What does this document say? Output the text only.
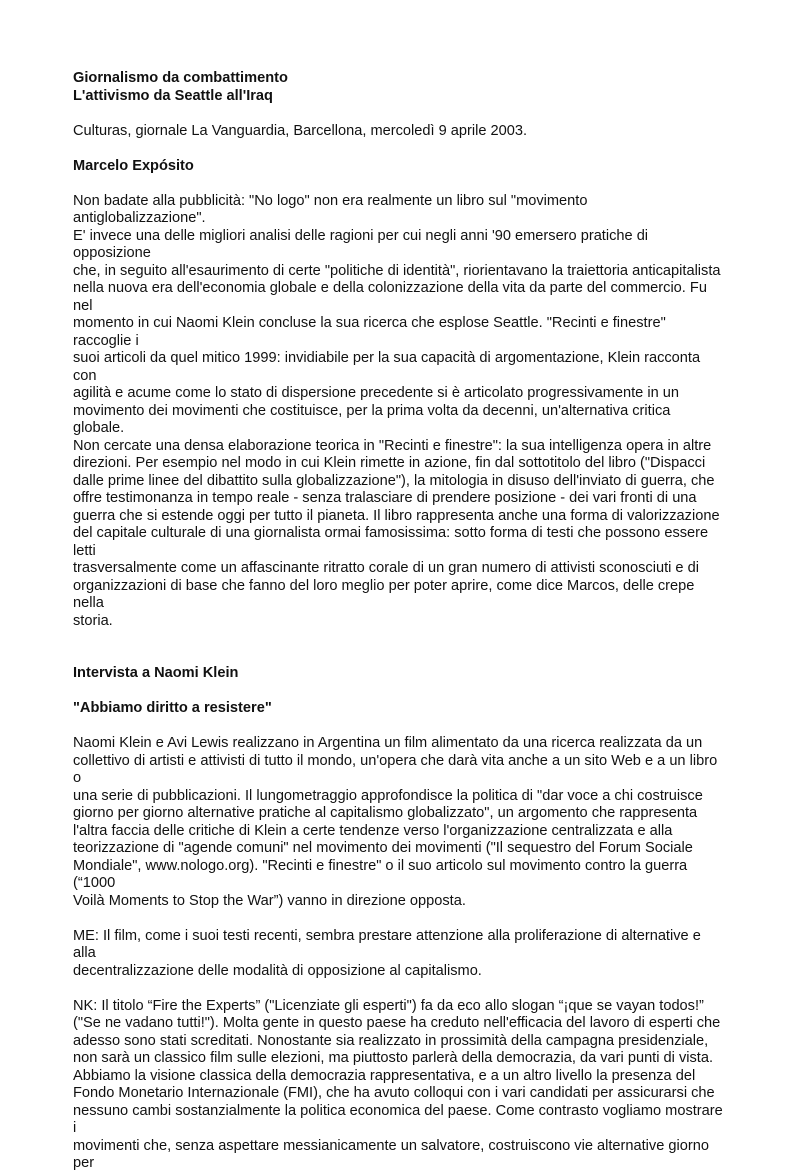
Giornalismo da combattimento

L'attivismo da Seattle all'Iraq

Culturas, giornale La Vanguardia, Barcellona, mercoledì 9 aprile 2003.

Marcelo Expósito

Non badate alla pubblicità: "No logo" non era realmente un libro sul "movimento antiglobalizzazione".
E' invece una delle migliori analisi delle ragioni per cui negli anni '90 emersero pratiche di opposizione
che, in seguito all'esaurimento di certe "politiche di identità", riorientavano la traiettoria anticapitalista
nella nuova era dell'economia globale e della colonizzazione della vita da parte del commercio. Fu nel
momento in cui Naomi Klein concluse la sua ricerca che esplose Seattle. "Recinti e finestre" raccoglie i
suoi articoli da quel mitico 1999: invidiabile per la sua capacità di argomentazione, Klein racconta con
agilità e acume come lo stato di dispersione precedente si è articolato progressivamente in un
movimento dei movimenti che costituisce, per la prima volta da decenni, un'alternativa critica globale.
Non cercate una densa elaborazione teorica in "Recinti e finestre": la sua intelligenza opera in altre
direzioni. Per esempio nel modo in cui Klein rimette in azione, fin dal sottotitolo del libro ("Dispacci
dalle prime linee del dibattito sulla globalizzazione"), la mitologia in disuso dell'inviato di guerra, che
offre testimonanza in tempo reale - senza tralasciare di prendere posizione - dei vari fronti di una
guerra che si estende oggi per tutto il pianeta. Il libro rappresenta anche una forma di valorizzazione
del capitale culturale di una giornalista ormai famosissima: sotto forma di testi che possono essere letti
trasversalmente come un affascinante ritratto corale di un gran numero di attivisti sconosciuti e di
organizzazioni di base che fanno del loro meglio per poter aprire, come dice Marcos, delle crepe nella
storia.

Intervista a Naomi Klein

"Abbiamo diritto a resistere"

Naomi Klein e Avi Lewis realizzano in Argentina un film alimentato da una ricerca realizzata da un
collettivo di artisti e attivisti di tutto il mondo, un'opera che darà vita anche a un sito Web e a un libro o
una serie di pubblicazioni. Il lungometraggio approfondisce la politica di "dar voce a chi costruisce
giorno per giorno alternative pratiche al capitalismo globalizzato", un argomento che rappresenta
l'altra faccia delle critiche di Klein a certe tendenze verso l'organizzazione centralizzata e alla
teorizzazione di "agende comuni" nel movimento dei movimenti ("Il sequestro del Forum Sociale
Mondiale", www.nologo.org). "Recinti e finestre" o il suo articolo sul movimento contro la guerra (“1000
Voilà Moments to Stop the War”) vanno in direzione opposta.

ME: Il film, come i suoi testi recenti, sembra prestare attenzione alla proliferazione di alternative e alla
decentralizzazione delle modalità di opposizione al capitalismo.

NK: Il titolo “Fire the Experts” ("Licenziate gli esperti") fa da eco allo slogan “¡que se vayan todos!”
("Se ne vadano tutti!"). Molta gente in questo paese ha creduto nell'efficacia del lavoro di esperti che
adesso sono stati screditati. Nonostante sia realizzato in prossimità della campagna presidenziale,
non sarà un classico film sulle elezioni, ma piuttosto parlerà della democrazia, da vari punti di vista.
Abbiamo la visione classica della democrazia rappresentativa, e a un altro livello la presenza del
Fondo Monetario Internazionale (FMI), che ha avuto colloqui con i vari candidati per assicurarsi che
nessuno cambi sostanzialmente la politica economica del paese. Come contrasto vogliamo mostrare i
movimenti che, senza aspettare messianicamente un salvatore, costruiscono vie alternative giorno per
